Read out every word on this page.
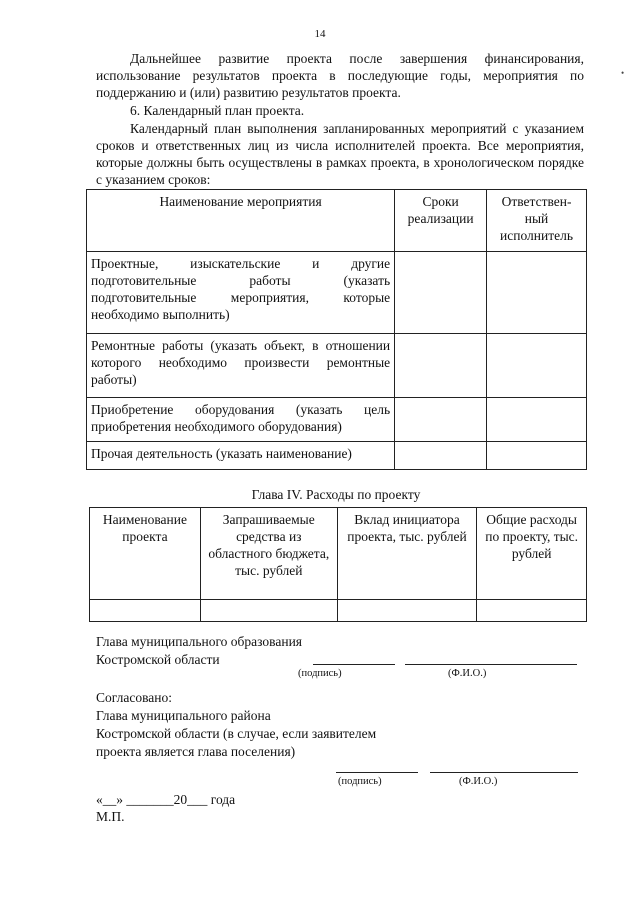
14
•
Дальнейшее развитие проекта после завершения финансирования, использование результатов проекта в последующие годы, мероприятия по поддержанию и (или) развитию результатов проекта.
6. Календарный план проекта.
Календарный план выполнения запланированных мероприятий с указанием сроков и ответственных лиц из числа исполнителей проекта. Все мероприятия, которые должны быть осуществлены в рамках проекта, в хронологическом порядке с указанием сроков:
Наименование мероприятия	Сроки реализации	Ответствен-ный исполнитель
Проектные, изыскательские и другие подготовительные работы (указать подготовительные мероприятия, которые необходимо выполнить)		
Ремонтные работы (указать объект, в отношении которого необходимо произвести ремонтные работы)		
Приобретение оборудования (указать цель приобретения необходимого оборудования)		
Прочая деятельность (указать наименование)		
Глава IV. Расходы по проекту
Наименование проекта	Запрашиваемые средства из областного бюджета, тыс. рублей	Вклад инициатора проекта, тыс. рублей	Общие расходы по проекту, тыс. рублей

Глава муниципального образования
Костромской области
(подпись)	(Ф.И.О.)
Согласовано:
Глава муниципального района
Костромской области (в случае, если заявителем
проекта является глава поселения)
(подпись)	(Ф.И.О.)
«__» _______20___ года
М.П.
